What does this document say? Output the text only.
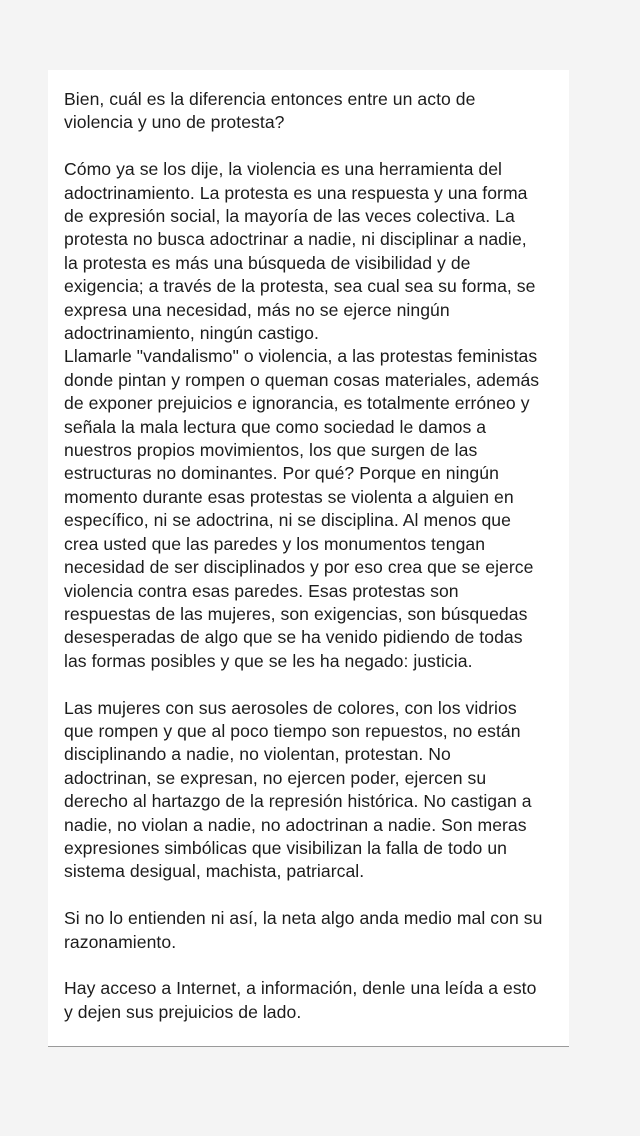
Bien, cuál es la diferencia entonces entre un acto de
violencia y uno de protesta?

Cómo ya se los dije, la violencia es una herramienta del
adoctrinamiento. La protesta es una respuesta y una forma
de expresión social, la mayoría de las veces colectiva. La
protesta no busca adoctrinar a nadie, ni disciplinar a nadie,
la protesta es más una búsqueda de visibilidad y de
exigencia; a través de la protesta, sea cual sea su forma, se
expresa una necesidad, más no se ejerce ningún
adoctrinamiento, ningún castigo.
Llamarle "vandalismo" o violencia, a las protestas feministas
donde pintan y rompen o queman cosas materiales, además
de exponer prejuicios e ignorancia, es totalmente erróneo y
señala la mala lectura que como sociedad le damos a
nuestros propios movimientos, los que surgen de las
estructuras no dominantes. Por qué? Porque en ningún
momento durante esas protestas se violenta a alguien en
específico, ni se adoctrina, ni se disciplina. Al menos que
crea usted que las paredes y los monumentos tengan
necesidad de ser disciplinados y por eso crea que se ejerce
violencia contra esas paredes. Esas protestas son
respuestas de las mujeres, son exigencias, son búsquedas
desesperadas de algo que se ha venido pidiendo de todas
las formas posibles y que se les ha negado: justicia.

Las mujeres con sus aerosoles de colores, con los vidrios
que rompen y que al poco tiempo son repuestos, no están
disciplinando a nadie, no violentan, protestan. No
adoctrinan, se expresan, no ejercen poder, ejercen su
derecho al hartazgo de la represión histórica. No castigan a
nadie, no violan a nadie, no adoctrinan a nadie. Son meras
expresiones simbólicas que visibilizan la falla de todo un
sistema desigual, machista, patriarcal.

Si no lo entienden ni así, la neta algo anda medio mal con su
razonamiento.

Hay acceso a Internet, a información, denle una leída a esto
y dejen sus prejuicios de lado.
